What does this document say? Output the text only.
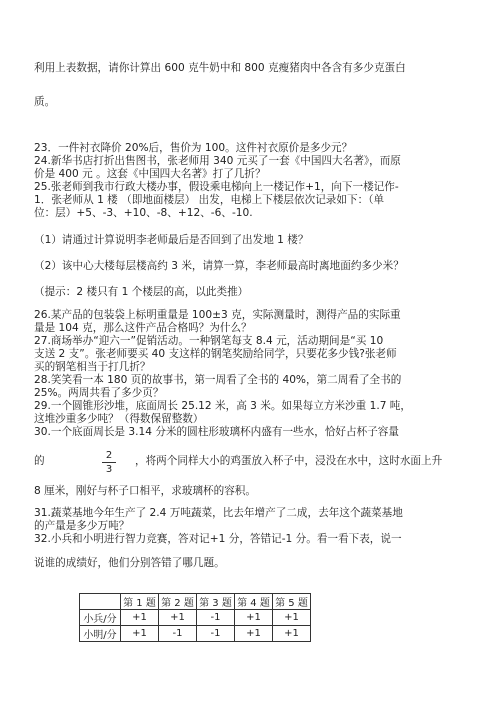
利用上表数据，请你计算出 600 克牛奶中和 800 克瘦猪肉中各含有多少克蛋白
质。
23．一件衬衣降价 20%后，售价为 100。这件衬衣原价是多少元？
24.新华书店打折出售图书，张老师用 340 元买了一套《中国四大名著》，而原
价是 400 元 。这套《中国四大名著》打了几折？
25.张老师到我市行政大楼办事，假设乘电梯向上一楼记作+1，向下一楼记作-
1．张老师从 1 楼 （即地面楼层） 出发，电梯上下楼层依次记录如下：（单
位：层）+5、-3、+10、-8、+12、-6、-10.
（1）请通过计算说明李老师最后是否回到了出发地 1 楼？
（2）该中心大楼每层楼高约 3 米，请算一算，李老师最高时离地面约多少米？
（提示：2 楼只有 1 个楼层的高，以此类推）
26.某产品的包装袋上标明重量是 100±3 克，实际测量时，测得产品的实际重
量是 104 克，那么这件产品合格吗？为什么？
27.商场举办“迎六一”促销活动。一种钢笔每支 8.4 元，活动期间是“买 10
支送 2 支”。张老师要买 40 支这样的钢笔奖励给同学，只要花多少钱?张老师
买的钢笔相当于打几折？
28.笑笑看一本 180 页的故事书，第一周看了全书的 40%，第二周看了全书的
25%。两周共看了多少页？
29.一个圆锥形沙堆，底面周长 25.12 米，高 3 米。如果每立方米沙重 1.7 吨，
这堆沙重多少吨？（得数保留整数）
30.一个底面周长是 3.14 分米的圆柱形玻璃杯内盛有一些水，恰好占杯子容量
的	2
3
，将两个同样大小的鸡蛋放入杯子中，浸没在水中，这时水面上升
8 厘米，刚好与杯子口相平，求玻璃杯的容积。
31.蔬菜基地今年生产了 2.4 万吨蔬菜，比去年增产了二成，去年这个蔬菜基地
的产量是多少万吨？
32.小兵和小明进行智力竞赛，答对记+1 分，答错记-1 分。看一看下表，说一
说谁的成绩好，他们分别答错了哪几题。
	第 1 题	第 2 题	第 3 题	第 4 题	第 5 题
小兵/分	+1	+1	-1	+1	+1
小明/分	+1	-1	-1	+1	+1
